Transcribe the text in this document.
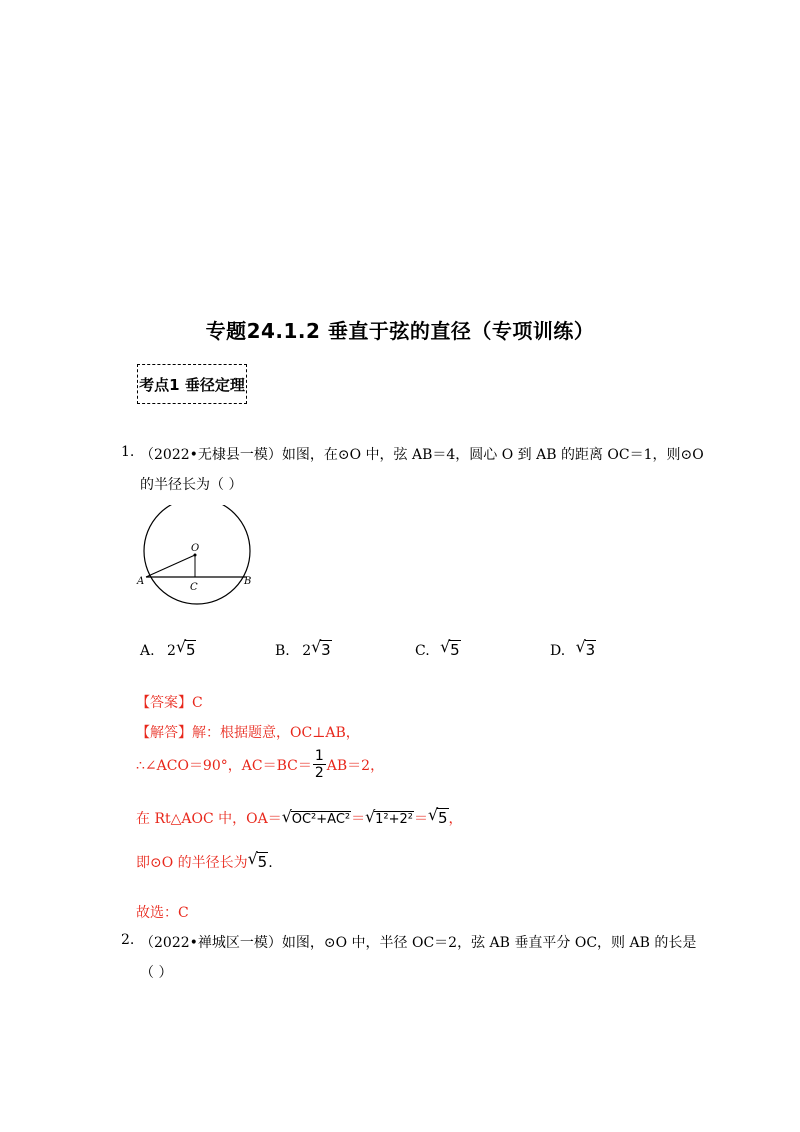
专题24.1.2 垂直于弦的直径（专项训练）
考点1 垂径定理
1. （2022•无棣县一模）如图，在⊙O 中，弦 AB＝4，圆心 O 到 AB 的距离 OC＝1，则⊙O
的半径长为（ ）
O
A	B
C
A. 2 √ 5	B. 2 √ 3	C. √ 5	D. √ 3
【答案】C
【解答】解：根据题意，OC⊥AB，
∴∠ACO＝90°，$AC=BC= \frac{1}{2} AB=2$，
在 Rt△AOC 中，OA＝ √ OC²+AC²＝ √ 1²+2²＝ √ 5，
即⊙O 的半径长为 √ 5.
故选：C
2. （2022•禅城区一模）如图，⊙O 中，半径 OC＝2，弦 AB 垂直平分 OC，则 AB 的长是
（ ）
